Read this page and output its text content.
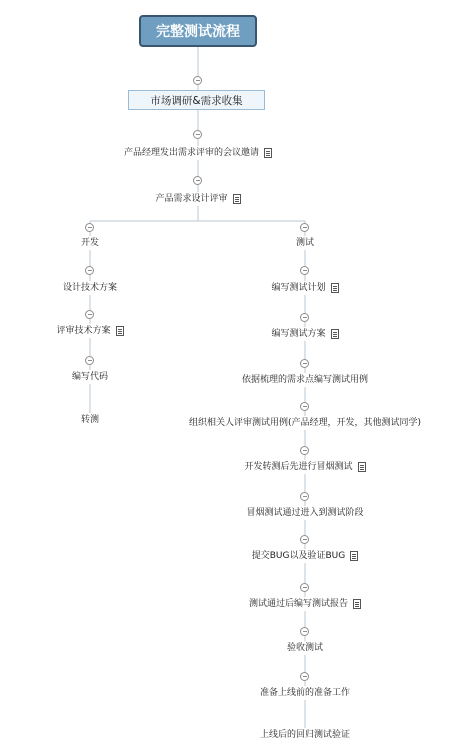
完整测试流程
市场调研&需求收集
产品经理发出需求评审的会议邀请
产品需求设计评审
开发
设计技术方案
评审技术方案
编写代码
转测
测试
编写测试计划
编写测试方案
依据梳理的需求点编写测试用例
组织相关人评审测试用例(产品经理，开发，其他测试同学)
开发转测后先进行冒烟测试
冒烟测试通过进入到测试阶段
提交BUG以及验证BUG
测试通过后编写测试报告
验收测试
准备上线前的准备工作
上线后的回归测试验证
